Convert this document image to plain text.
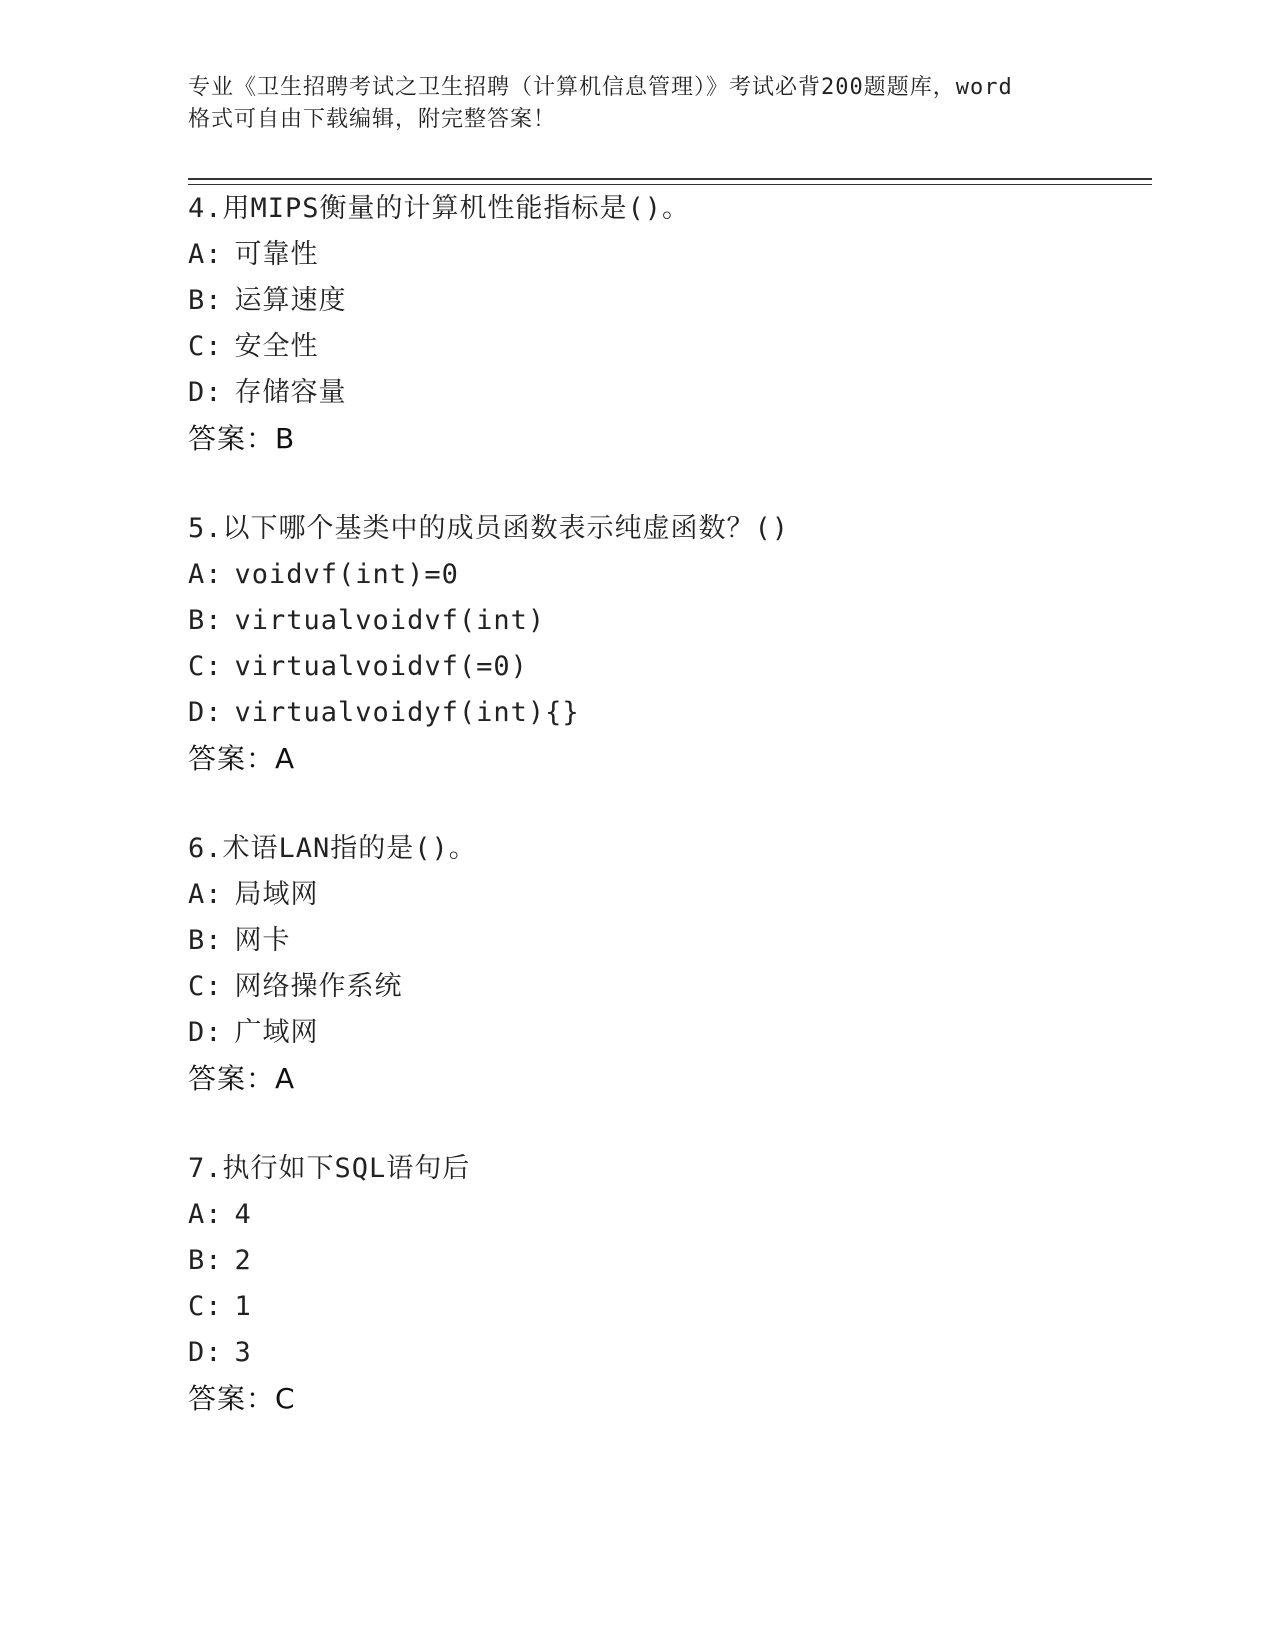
专业《卫生招聘考试之卫生招聘（计算机信息管理）》考试必背200题题库，word
格式可自由下载编辑，附完整答案！
4.用MIPS衡量的计算机性能指标是()。
A: 可靠性
B: 运算速度
C: 安全性
D: 存储容量
答案：B
5.以下哪个基类中的成员函数表示纯虚函数？()
A: voidvf(int)=0
B: virtualvoidvf(int)
C: virtualvoidvf(=0)
D: virtualvoidyf(int){}
答案：A
6.术语LAN指的是()。
A: 局域网
B: 网卡
C: 网络操作系统
D: 广域网
答案：A
7.执行如下SQL语句后
A: 4
B: 2
C: 1
D: 3
答案：C
